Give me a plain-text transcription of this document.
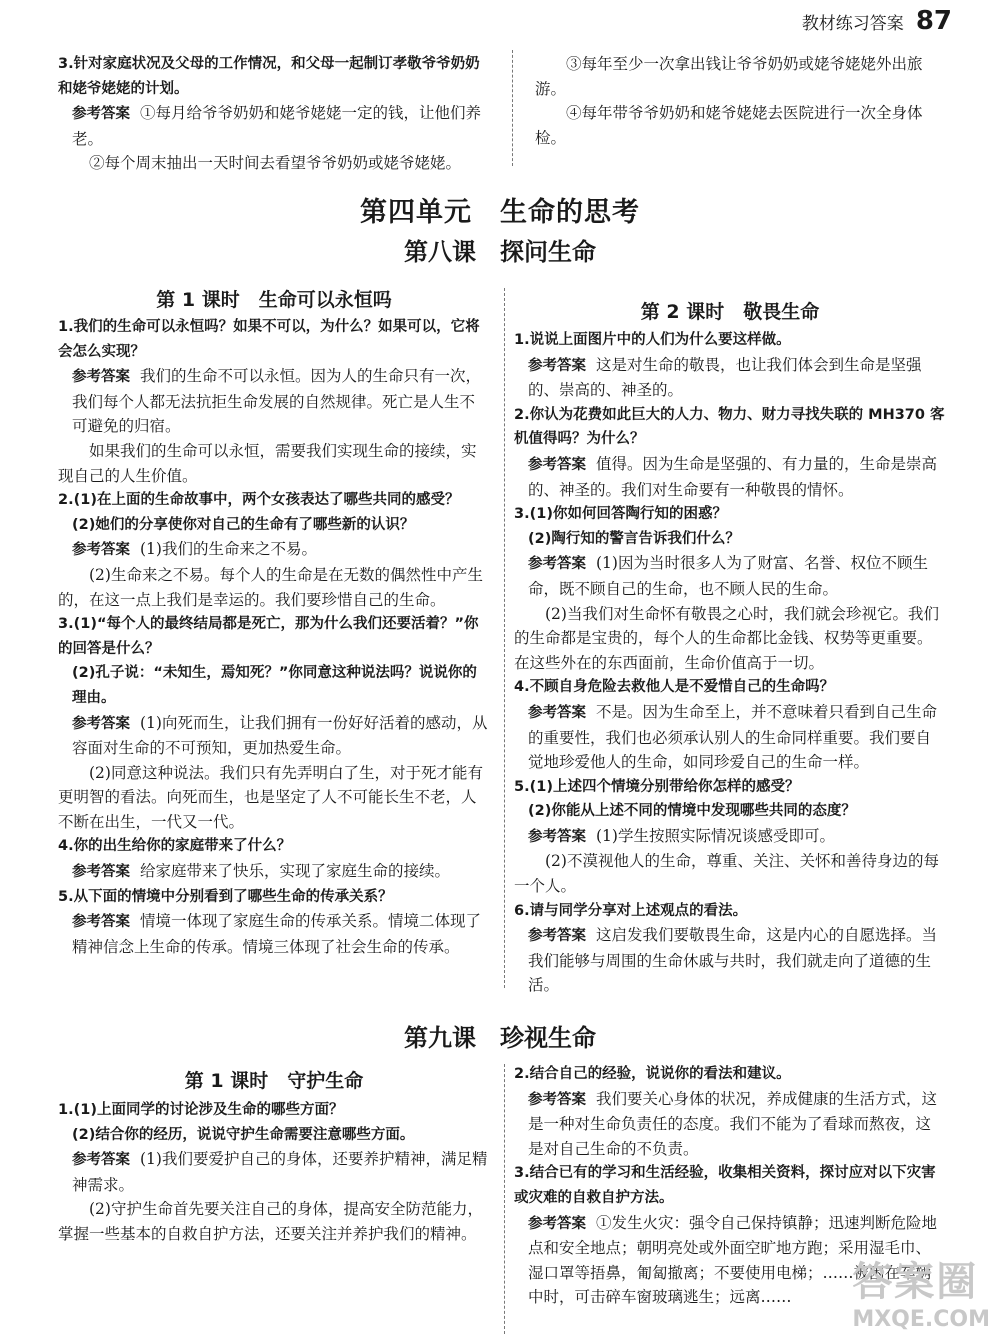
教材练习答案 87

3.针对家庭状况及父母的工作情况，和父母一起制订孝敬爷爷奶奶和姥爷姥姥的计划。

参考答案 ①每月给爷爷奶奶和姥爷姥姥一定的钱，让他们养老。

②每个周末抽出一天时间去看望爷爷奶奶或姥爷姥姥。

③每年至少一次拿出钱让爷爷奶奶或姥爷姥姥外出旅游。

④每年带爷爷奶奶和姥爷姥姥去医院进行一次全身体检。

第四单元　生命的思考
第八课　探问生命
第 1 课时　生命可以永恒吗

1.我们的生命可以永恒吗？如果不可以，为什么？如果可以，它将会怎么实现？

参考答案 我们的生命不可以永恒。因为人的生命只有一次，我们每个人都无法抗拒生命发展的自然规律。死亡是人生不可避免的归宿。

如果我们的生命可以永恒，需要我们实现生命的接续，实现自己的人生价值。

2.(1)在上面的生命故事中，两个女孩表达了哪些共同的感受？

(2)她们的分享使你对自己的生命有了哪些新的认识？

参考答案 (1)我们的生命来之不易。

(2)生命来之不易。每个人的生命是在无数的偶然性中产生的，在这一点上我们是幸运的。我们要珍惜自己的生命。

3.(1)“每个人的最终结局都是死亡，那为什么我们还要活着？”你的回答是什么？

(2)孔子说：“未知生，焉知死？”你同意这种说法吗？说说你的理由。

参考答案 (1)向死而生，让我们拥有一份好好活着的感动，从容面对生命的不可预知，更加热爱生命。

(2)同意这种说法。我们只有先弄明白了生，对于死才能有更明智的看法。向死而生，也是坚定了人不可能长生不老，人不断在出生，一代又一代。

4.你的出生给你的家庭带来了什么？

参考答案 给家庭带来了快乐，实现了家庭生命的接续。

5.从下面的情境中分别看到了哪些生命的传承关系？

参考答案 情境一体现了家庭生命的传承关系。情境二体现了精神信念上生命的传承。情境三体现了社会生命的传承。

第 2 课时　敬畏生命

1.说说上面图片中的人们为什么要这样做。

参考答案 这是对生命的敬畏，也让我们体会到生命是坚强的、崇高的、神圣的。

2.你认为花费如此巨大的人力、物力、财力寻找失联的 MH370 客机值得吗？为什么？

参考答案 值得。因为生命是坚强的、有力量的，生命是崇高的、神圣的。我们对生命要有一种敬畏的情怀。

3.(1)你如何回答陶行知的困惑？

(2)陶行知的警言告诉我们什么？

参考答案 (1)因为当时很多人为了财富、名誉、权位不顾生命，既不顾自己的生命，也不顾人民的生命。

(2)当我们对生命怀有敬畏之心时，我们就会珍视它。我们的生命都是宝贵的，每个人的生命都比金钱、权势等更重要。在这些外在的东西面前，生命价值高于一切。

4.不顾自身危险去救他人是不爱惜自己的生命吗？

参考答案 不是。因为生命至上，并不意味着只看到自己生命的重要性，我们也必须承认别人的生命同样重要。我们要自觉地珍爱他人的生命，如同珍爱自己的生命一样。

5.(1)上述四个情境分别带给你怎样的感受？

(2)你能从上述不同的情境中发现哪些共同的态度？

参考答案 (1)学生按照实际情况谈感受即可。

(2)不漠视他人的生命，尊重、关注、关怀和善待身边的每一个人。

6.请与同学分享对上述观点的看法。

参考答案 这启发我们要敬畏生命，这是内心的自愿选择。当我们能够与周围的生命休戚与共时，我们就走向了道德的生活。

第九课　珍视生命
第 1 课时　守护生命

1.(1)上面同学的讨论涉及生命的哪些方面？

(2)结合你的经历，说说守护生命需要注意哪些方面。

参考答案 (1)我们要爱护自己的身体，还要养护精神，满足精神需求。

(2)守护生命首先要关注自己的身体，提高安全防范能力，掌握一些基本的自救自护方法，还要关注并养护我们的精神。

2.结合自己的经验，说说你的看法和建议。

参考答案 我们要关心身体的状况，养成健康的生活方式，这是一种对生命负责任的态度。我们不能为了看球而熬夜，这是对自己生命的不负责。

3.结合已有的学习和生活经验，收集相关资料，探讨应对以下灾害或灾难的自救自护方法。

参考答案 ①发生火灾：强令自己保持镇静；迅速判断危险地点和安全地点；朝明亮处或外面空旷地方跑；采用湿毛巾、湿口罩等捂鼻，匍匐撤离；不要使用电梯；……被困在车辆中时，可击碎车窗玻璃逃生；远离……	答案圈
MXQE.COM
